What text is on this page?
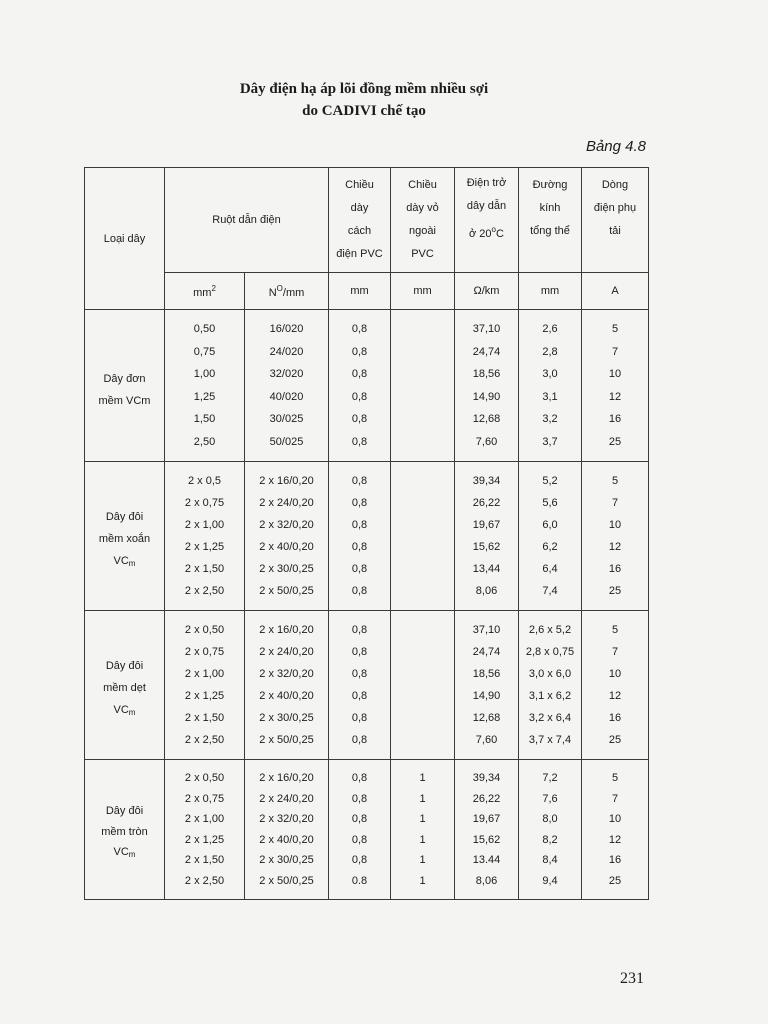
Dây điện hạ áp lõi đồng mềm nhiều sợi
do CADIVI chế tạo
Bảng 4.8
Loại dây	Ruột dẫn điện		Chiều
dày
cách
điện PVC	Chiều
dày vỏ
ngoài
PVC	Điện trở
dây dẫn
ở 20$^o$C	Đường
kính
tổng thể	Dòng
điện phụ
tải

	$mm^2$	$N^O/mm$	mm	mm	Ω/km	mm	A

Dây đơn
mềm VCm	0,50	16/020	0,8		37,10	2,6	5
	0,75	24/020	0,8		24,74	2,8	7
	1,00	32/020	0,8		18,56	3,0	10
	1,25	40/020	0,8		14,90	3,1	12
	1,50	30/025	0,8		12,68	3,2	16
	2,50	50/025	0,8		7,60	3,7	25

Dây đôi
mềm xoắn
$VC_m$	2 x 0,5	2 x 16/0,20	0,8		39,34	5,2	5
	2 x 0,75	2 x 24/0,20	0,8		26,22	5,6	7
	2 x 1,00	2 x 32/0,20	0,8		19,67	6,0	10
	2 x 1,25	2 x 40/0,20	0,8		15,62	6,2	12
	2 x 1,50	2 x 30/0,25	0,8		13,44	6,4	16
	2 x 2,50	2 x 50/0,25	0,8		8,06	7,4	25

Dây đôi
mềm dẹt
$VC_m$	2 x 0,50	2 x 16/0,20	0,8		37,10	2,6 x 5,2	5
	2 x 0,75	2 x 24/0,20	0,8		24,74	2,8 x 0,75	7
	2 x 1,00	2 x 32/0,20	0,8		18,56	3,0 x 6,0	10
	2 x 1,25	2 x 40/0,20	0,8		14,90	3,1 x 6,2	12
	2 x 1,50	2 x 30/0,25	0,8		12,68	3,2 x 6,4	16
	2 x 2,50	2 x 50/0,25	0,8		7,60	3,7 x 7,4	25

Dây đôi
mềm tròn
$VC_m$	2 x 0,50	2 x 16/0,20	0,8	1	39,34	7,2	5
	2 x 0,75	2 x 24/0,20	0,8	1	26,22	7,6	7
	2 x 1,00	2 x 32/0,20	0,8	1	19,67	8,0	10
	2 x 1,25	2 x 40/0,20	0,8	1	15,62	8,2	12
	2 x 1,50	2 x 30/0,25	0,8	1	13.44	8,4	16
	2 x 2,50	2 x 50/0,25	0.8	1	8,06	9,4	25
231
